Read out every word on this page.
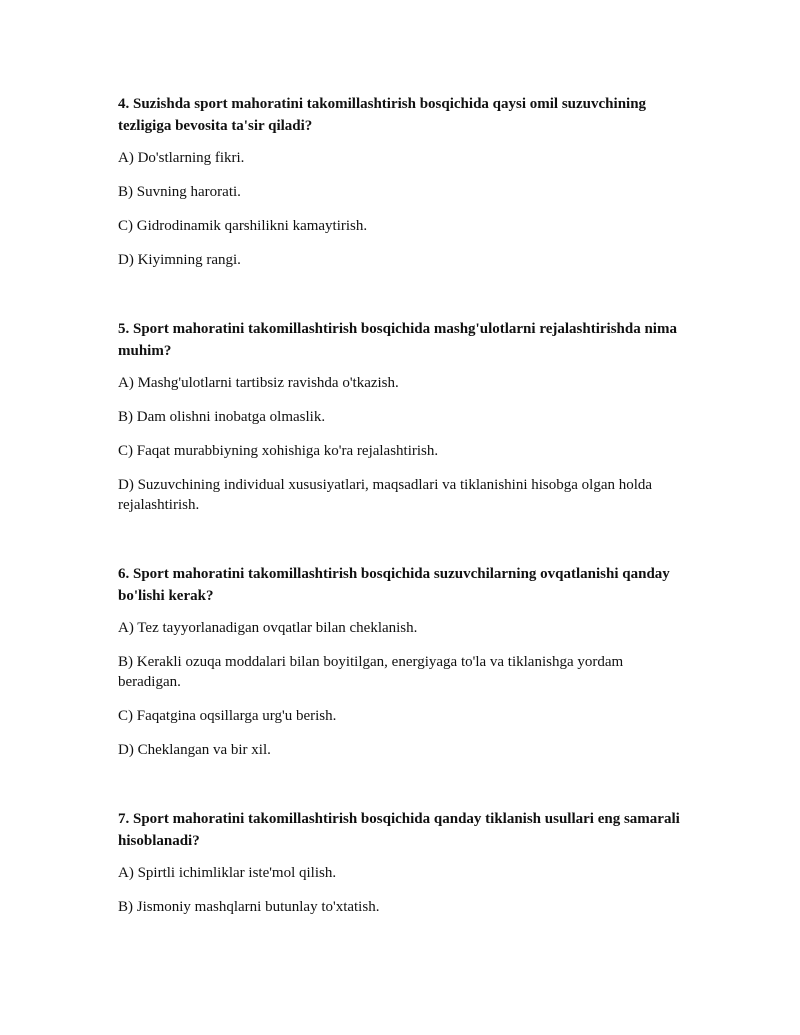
4. Suzishda sport mahoratini takomillashtirish bosqichida qaysi omil suzuvchining tezligiga bevosita ta'sir qiladi?

A) Do'stlarning fikri.

B) Suvning harorati.

C) Gidrodinamik qarshilikni kamaytirish.

D) Kiyimning rangi.

5. Sport mahoratini takomillashtirish bosqichida mashg'ulotlarni rejalashtirishda nima muhim?

A) Mashg'ulotlarni tartibsiz ravishda o'tkazish.

B) Dam olishni inobatga olmaslik.

C) Faqat murabbiyning xohishiga ko'ra rejalashtirish.

D) Suzuvchining individual xususiyatlari, maqsadlari va tiklanishini hisobga olgan holda rejalashtirish.

6. Sport mahoratini takomillashtirish bosqichida suzuvchilarning ovqatlanishi qanday bo'lishi kerak?

A) Tez tayyorlanadigan ovqatlar bilan cheklanish.

B) Kerakli ozuqa moddalari bilan boyitilgan, energiyaga to'la va tiklanishga yordam beradigan.

C) Faqatgina oqsillarga urg'u berish.

D) Cheklangan va bir xil.

7. Sport mahoratini takomillashtirish bosqichida qanday tiklanish usullari eng samarali hisoblanadi?

A) Spirtli ichimliklar iste'mol qilish.

B) Jismoniy mashqlarni butunlay to'xtatish.
